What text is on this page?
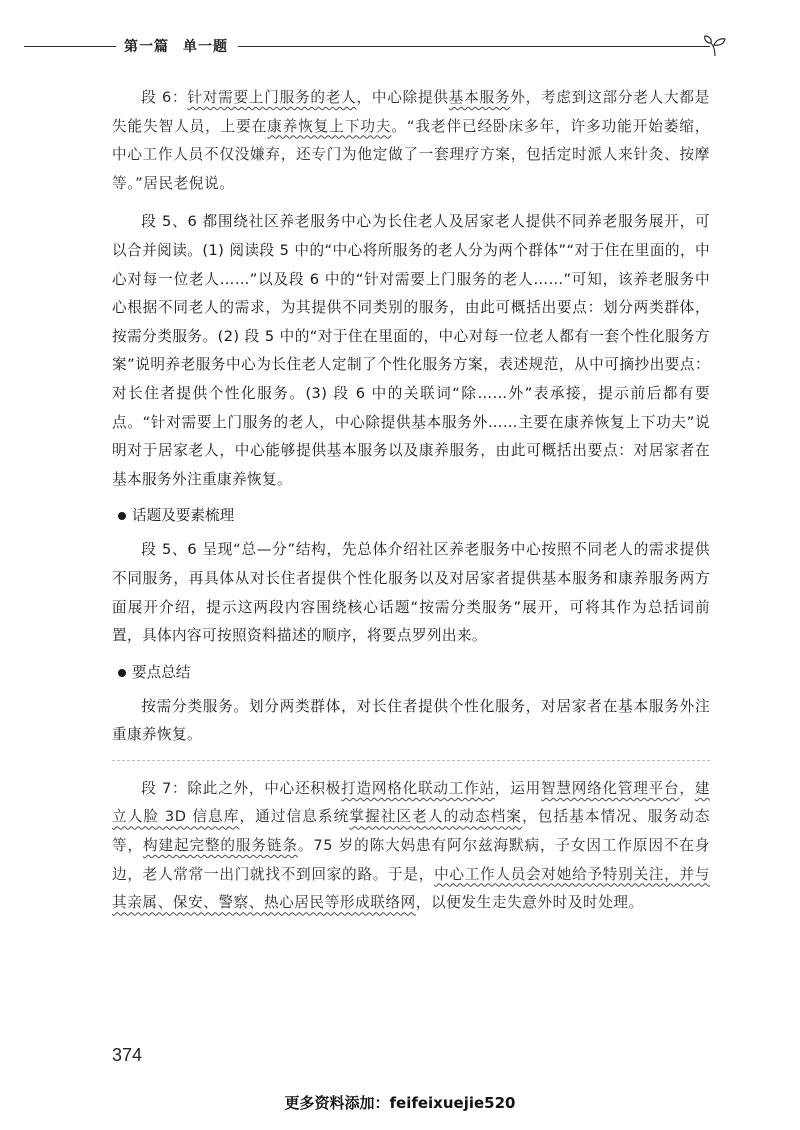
第一篇 单一题

段 6：针对需要上门服务的老人，中心除提供基本服务外，考虑到这部分老人大都是失能失智人员，上要在康养恢复上下功夫。“我老伴已经卧床多年，许多功能开始萎缩，中心工作人员不仅没嫌弃，还专门为他定做了一套理疗方案，包括定时派人来针灸、按摩等。”居民老倪说。

段 5、6 都围绕社区养老服务中心为长住老人及居家老人提供不同养老服务展开，可以合并阅读。(1) 阅读段 5 中的“中心将所服务的老人分为两个群体”“对于住在里面的，中心对每一位老人……”以及段 6 中的“针对需要上门服务的老人……”可知，该养老服务中心根据不同老人的需求，为其提供不同类别的服务，由此可概括出要点：划分两类群体，按需分类服务。(2) 段 5 中的“对于住在里面的，中心对每一位老人都有一套个性化服务方案”说明养老服务中心为长住老人定制了个性化服务方案，表述规范，从中可摘抄出要点：对长住者提供个性化服务。(3) 段 6 中的关联词“除……外”表承接，提示前后都有要点。“针对需要上门服务的老人，中心除提供基本服务外……主要在康养恢复上下功夫”说明对于居家老人，中心能够提供基本服务以及康养服务，由此可概括出要点：对居家者在基本服务外注重康养恢复。

话题及要素梳理

段 5、6 呈现“总—分”结构，先总体介绍社区养老服务中心按照不同老人的需求提供不同服务，再具体从对长住者提供个性化服务以及对居家者提供基本服务和康养服务两方面展开介绍，提示这两段内容围绕核心话题“按需分类服务”展开，可将其作为总括词前置，具体内容可按照资料描述的顺序，将要点罗列出来。

要点总结

按需分类服务。划分两类群体，对长住者提供个性化服务，对居家者在基本服务外注重康养恢复。

段 7：除此之外，中心还积极打造网格化联动工作站，运用智慧网络化管理平台，建立人脸 3D 信息库，通过信息系统掌握社区老人的动态档案，包括基本情况、服务动态等，构建起完整的服务链条。75 岁的陈大妈患有阿尔兹海默病，子女因工作原因不在身边，老人常常一出门就找不到回家的路。于是，中心工作人员会对她给予特别关注，并与其亲属、保安、警察、热心居民等形成联络网，以便发生走失意外时及时处理。

374
更多资料添加：feifeixuejie520
